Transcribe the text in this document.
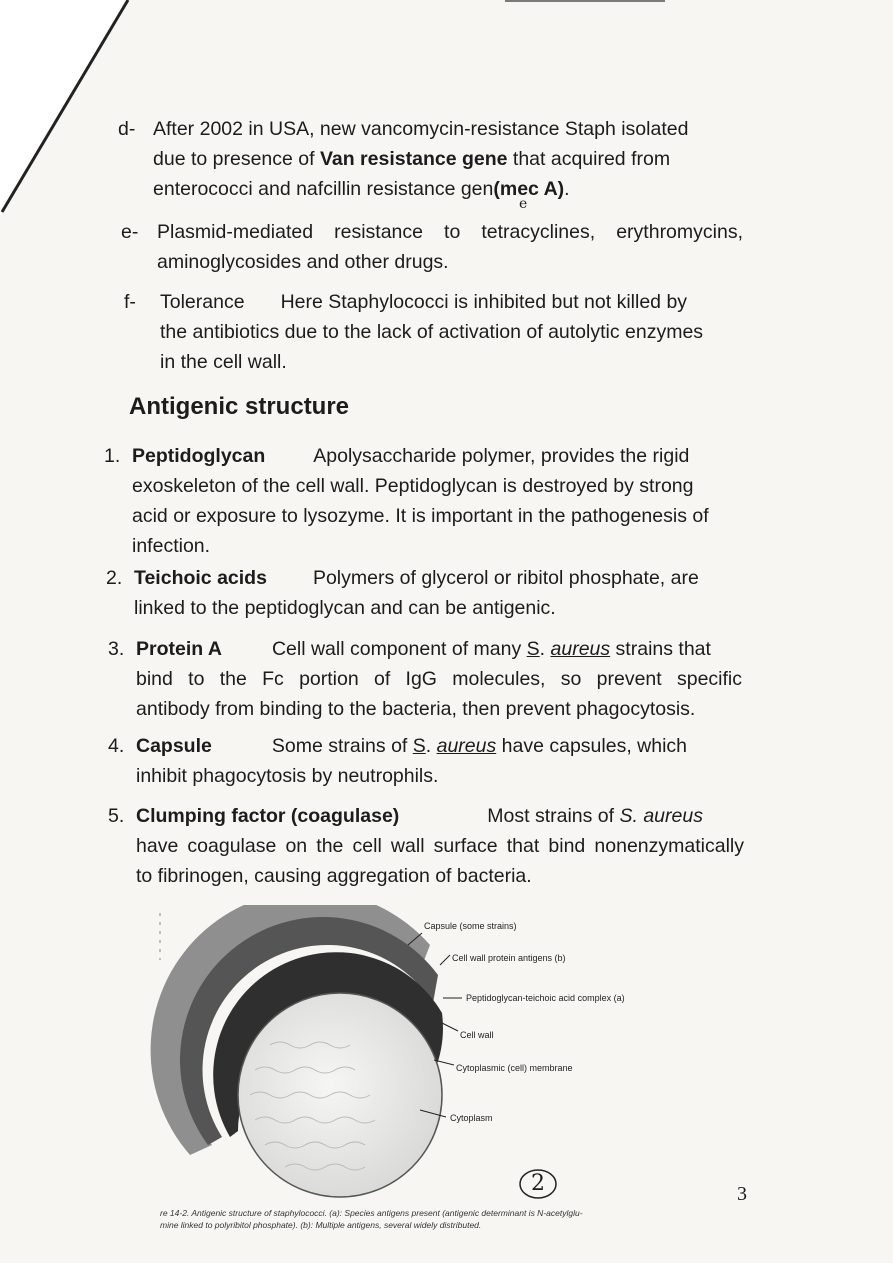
d- After 2002 in USA, new vancomycin-resistance Staph isolated
due to presence of Van resistance gene that acquired from
enterococci and nafcillin resistance gen(mec A).
e
e- Plasmid-mediated resistance to tetracyclines, erythromycins,
aminoglycosides and other drugs.
f- Tolerance Here Staphylococci is inhibited but not killed by
the antibiotics due to the lack of activation of autolytic enzymes
in the cell wall.
Antigenic structure
1. Peptidoglycan Apolysaccharide polymer, provides the rigid
exoskeleton of the cell wall. Peptidoglycan is destroyed by strong
acid or exposure to lysozyme. It is important in the pathogenesis of
infection.
2. Teichoic acids Polymers of glycerol or ribitol phosphate, are
linked to the peptidoglycan and can be antigenic.
3. Protein A	Cell wall component of many S. aureus strains that
bind to the Fc portion of IgG molecules, so prevent specific
antibody from binding to the bacteria, then prevent phagocytosis.
4. Capsule	Some strains of S. aureus have capsules, which
inhibit phagocytosis by neutrophils.
5. Clumping factor (coagulase)	Most strains of S. aureus
have coagulase on the cell wall surface that bind nonenzymatically
to fibrinogen, causing aggregation of bacteria.
Capsule (some strains)
Cell wall protein antigens (b)
Peptidoglycan-teichoic acid complex (a)
Cell wall
Cytoplasmic (cell) membrane
Cytoplasm
2	3
re 14-2. Antigenic structure of staphylococci. (a): Species antigens present (antigenic determinant is N-acetylglu-
mine linked to polyribitol phosphate). (b): Multiple antigens, several widely distributed.
